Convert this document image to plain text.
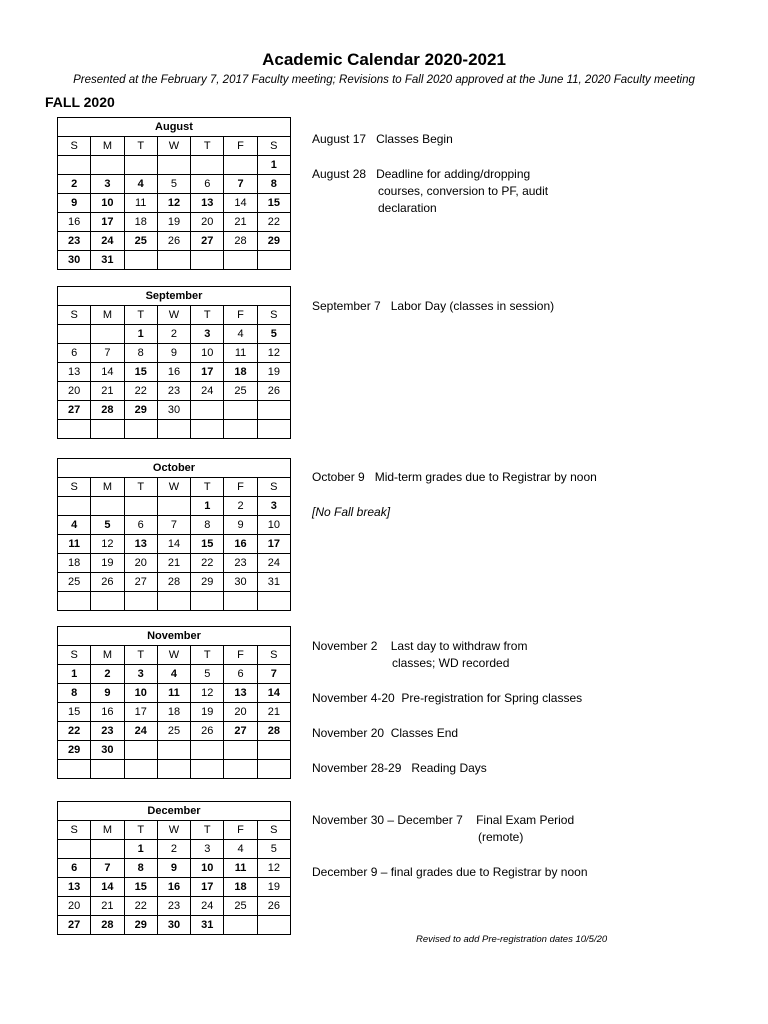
Academic Calendar 2020-2021
Presented at the February 7, 2017 Faculty meeting; Revisions to Fall 2020 approved at the June 11, 2020 Faculty meeting
FALL 2020
August						
S	M	T	W	T	F	S
						1
2	3	4	5	6	7	8
9	10	11	12	13	14	15
16	17	18	19	20	21	22
23	24	25	26	27	28	29
30	31					
September						
S	M	T	W	T	F	S
		1	2	3	4	5
6	7	8	9	10	11	12
13	14	15	16	17	18	19
20	21	22	23	24	25	26
27	28	29	30			

October						
S	M	T	W	T	F	S
				1	2	3
4	5	6	7	8	9	10
11	12	13	14	15	16	17
18	19	20	21	22	23	24
25	26	27	28	29	30	31

November						
S	M	T	W	T	F	S
1	2	3	4	5	6	7
8	9	10	11	12	13	14
15	16	17	18	19	20	21
22	23	24	25	26	27	28
29	30					

December						
S	M	T	W	T	F	S
		1	2	3	4	5
6	7	8	9	10	11	12
13	14	15	16	17	18	19
20	21	22	23	24	25	26
27	28	29	30	31		
August 17 Classes Begin
August 28 Deadline for adding/dropping
courses, conversion to PF, audit
declaration
September 7 Labor Day (classes in session)
October 9 Mid-term grades due to Registrar by noon
[No Fall break]
November 2 Last day to withdraw from
classes; WD recorded
November 4-20 Pre-registration for Spring classes
November 20 Classes End
November 28-29 Reading Days
November 30 – December 7 Final Exam Period
(remote)
December 9 – final grades due to Registrar by noon
Revised to add Pre-registration dates 10/5/20
